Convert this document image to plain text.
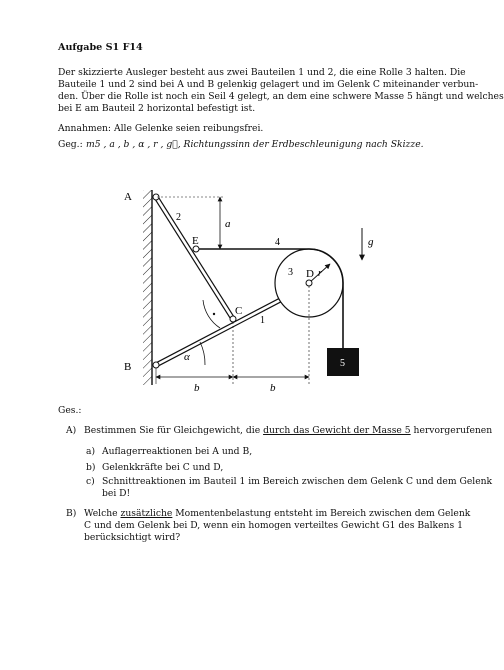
Aufgabe S1 F14
Der skizzierte Ausleger besteht aus zwei Bauteilen 1 und 2, die eine Rolle 3 halten. Die
Bauteile 1 und 2 sind bei A und B gelenkig gelagert und im Gelenk C miteinander verbun-
den. Über die Rolle ist noch ein Seil 4 gelegt, an dem eine schwere Masse 5 hängt und welches
bei E am Bauteil 2 horizontal befestigt ist.
Annahmen: Alle Gelenke seien reibungsfrei.
Geg.: m5 , a , b , α , r , g⃗, Richtungssinn der Erdbeschleunigung nach Skizze.
A
B
C
D
E
2
1
3
4
5
a
b	b
r
α
g
Ges.:
A) Bestimmen Sie für Gleichgewicht, die durch das Gewicht der Masse 5 hervorgerufenen
a) Auflagerreaktionen bei A und B,
b) Gelenkkräfte bei C und D,
c) Schnittreaktionen im Bauteil 1 im Bereich zwischen dem Gelenk C und dem Gelenk
bei D!
B) Welche zusätzliche Momentenbelastung entsteht im Bereich zwischen dem Gelenk
C und dem Gelenk bei D, wenn ein homogen verteiltes Gewicht G1 des Balkens 1
berücksichtigt wird?
